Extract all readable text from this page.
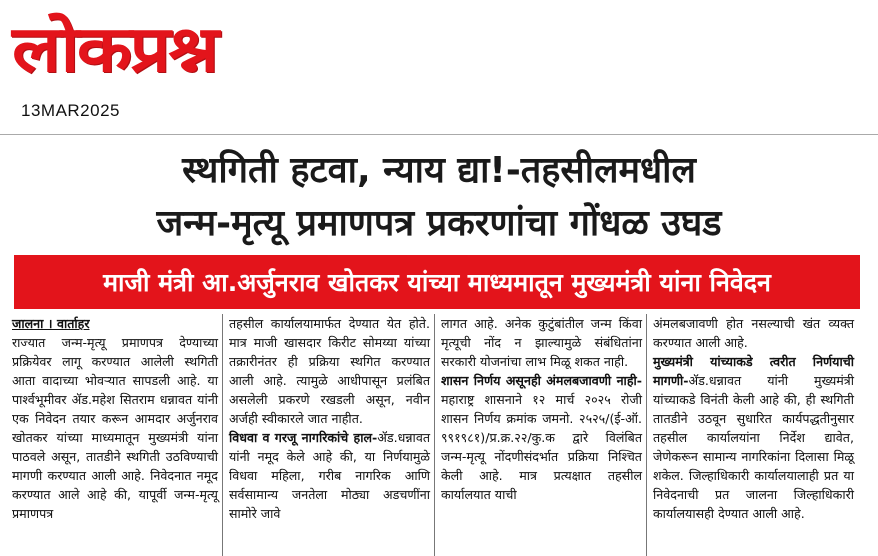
लोकप्रश्न
13MAR2025
स्थगिती हटवा, न्याय द्या!-तहसीलमधील
जन्म-मृत्यू प्रमाणपत्र प्रकरणांचा गोंधळ उघड
माजी मंत्री आ.अर्जुनराव खोतकर यांच्या माध्यमातून मुख्यमंत्री यांना निवेदन

जालना । वार्ताहर

राज्यात जन्म-मृत्यू प्रमाणपत्र देण्याच्या प्रक्रियेवर लागू करण्यात आलेली स्थगिती आता वादाच्या भोवऱ्यात सापडली आहे. या पार्श्वभूमीवर ॲड.महेश सितराम धन्नावत यांनी एक निवेदन तयार करून आमदार अर्जुनराव खोतकर यांच्या माध्यमातून मुख्यमंत्री यांना पाठवले असून, तातडीने स्थगिती उठविण्याची मागणी करण्यात आली आहे. निवेदनात नमूद करण्यात आले आहे की, यापूर्वी जन्म-मृत्यू प्रमाणपत्र

तहसील कार्यालयामार्फत देण्यात येत होते. मात्र माजी खासदार किरीट सोमय्या यांच्या तक्रारीनंतर ही प्रक्रिया स्थगित करण्यात आली आहे. त्यामुळे आधीपासून प्रलंबित असलेली प्रकरणे रखडली असून, नवीन अर्जही स्वीकारले जात नाहीत.

विधवा व गरजू नागरिकांचे हाल-ॲड.धन्नावत यांनी नमूद केले आहे की, या निर्णयामुळे विधवा महिला, गरीब नागरिक आणि सर्वसामान्य जनतेला मोठ्या अडचणींना सामोरे जावे

लागत आहे. अनेक कुटुंबांतील जन्म किंवा मृत्यूची नोंद न झाल्यामुळे संबंधितांना सरकारी योजनांचा लाभ मिळू शकत नाही.

शासन निर्णय असूनही अंमलबजावणी नाही-महाराष्ट्र शासनाने १२ मार्च २०२५ रोजी शासन निर्णय क्रमांक जमनो. २५२५/(ई-ऑ. ९९१९८१)/प्र.क्र.२२/कु.क द्वारे विलंबित जन्म-मृत्यू नोंदणीसंदर्भात प्रक्रिया निश्चित केली आहे. मात्र प्रत्यक्षात तहसील कार्यालयात याची

अंमलबजावणी होत नसल्याची खंत व्यक्त करण्यात आली आहे.

मुख्यमंत्री यांच्याकडे त्वरीत निर्णयाची मागणी-ॲड.धन्नावत यांनी मुख्यमंत्री यांच्याकडे विनंती केली आहे की, ही स्थगिती तातडीने उठवून सुधारित कार्यपद्धतीनुसार तहसील कार्यालयांना निर्देश द्यावेत, जेणेकरून सामान्य नागरिकांना दिलासा मिळू शकेल. जिल्हाधिकारी कार्यालयालाही प्रत या निवेदनाची प्रत जालना जिल्हाधिकारी कार्यालयासही देण्यात आली आहे.
